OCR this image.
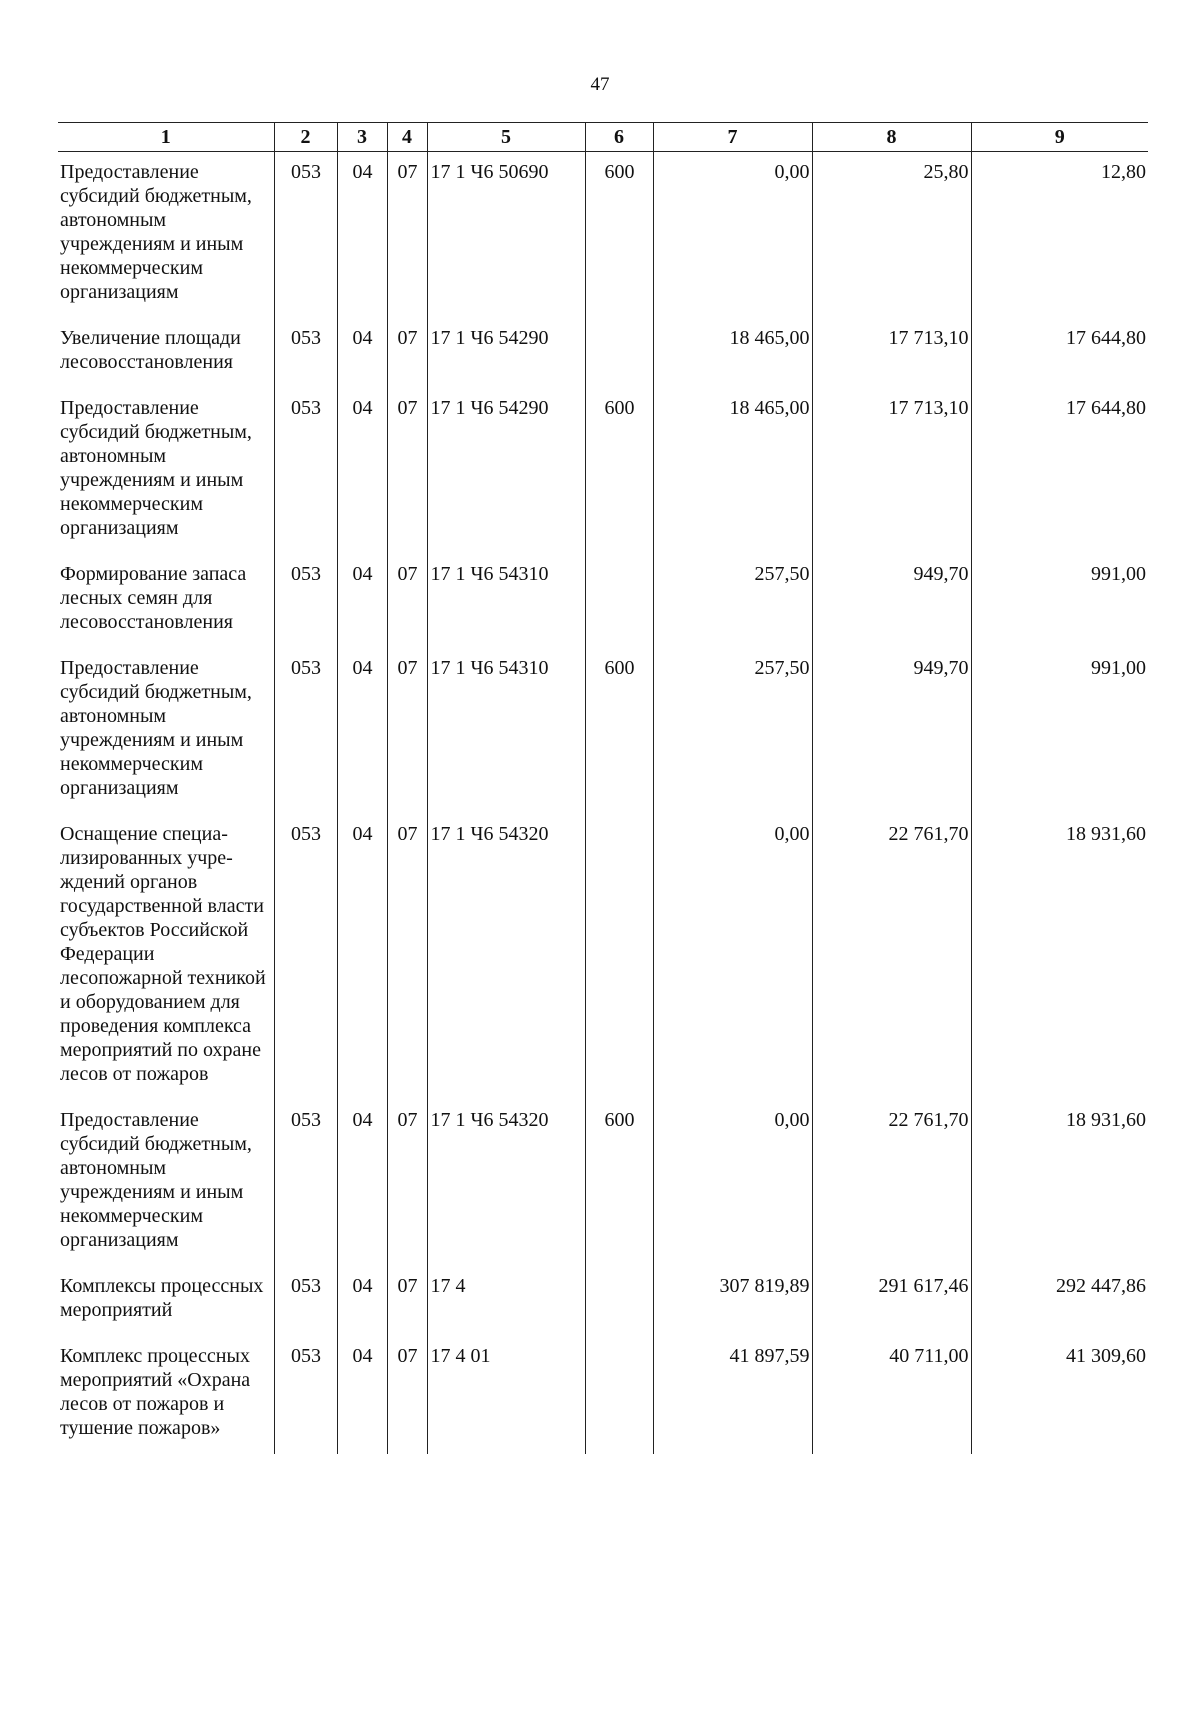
47
1	2	3	4	5	6	7	8	9
Предоставление субсидий бюджетным, автономным учреждениям и иным некоммерческим организациям	053	04	07	17 1 Ч6 50690	600	0,00	25,80	12,80
Увеличение площади лесовосстановления	053	04	07	17 1 Ч6 54290		18 465,00	17 713,10	17 644,80
Предоставление субсидий бюджетным, автономным учреждениям и иным некоммерческим организациям	053	04	07	17 1 Ч6 54290	600	18 465,00	17 713,10	17 644,80
Формирование запаса лесных семян для лесовосстановления	053	04	07	17 1 Ч6 54310		257,50	949,70	991,00
Предоставление субсидий бюджетным, автономным учреждениям и иным некоммерческим организациям	053	04	07	17 1 Ч6 54310	600	257,50	949,70	991,00
Оснащение специализированных учреждений органов государственной власти субъектов Российской Федерации лесопожарной техникой и оборудованием для проведения комплекса мероприятий по охране лесов от пожаров	053	04	07	17 1 Ч6 54320		0,00	22 761,70	18 931,60
Предоставление субсидий бюджетным, автономным учреждениям и иным некоммерческим организациям	053	04	07	17 1 Ч6 54320	600	0,00	22 761,70	18 931,60
Комплексы процессных мероприятий	053	04	07	17 4		307 819,89	291 617,46	292 447,86
Комплекс процессных мероприятий «Охрана лесов от пожаров и тушение пожаров»	053	04	07	17 4 01		41 897,59	40 711,00	41 309,60
